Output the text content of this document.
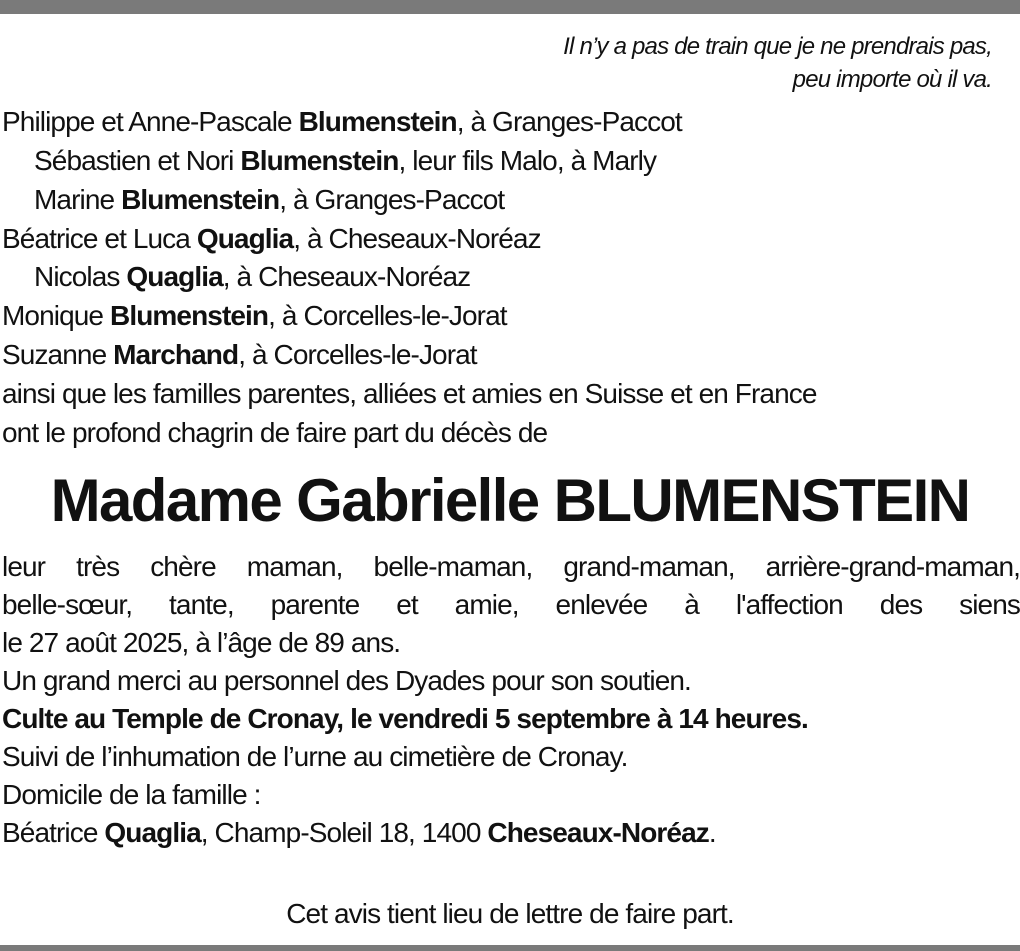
Il n’y a pas de train que je ne prendrais pas,
peu importe où il va.
Philippe et Anne-Pascale Blumenstein, à Granges-Paccot
Sébastien et Nori Blumenstein, leur fils Malo, à Marly
Marine Blumenstein, à Granges-Paccot
Béatrice et Luca Quaglia, à Cheseaux-Noréaz
Nicolas Quaglia, à Cheseaux-Noréaz
Monique Blumenstein, à Corcelles-le-Jorat
Suzanne Marchand, à Corcelles-le-Jorat
ainsi que les familles parentes, alliées et amies en Suisse et en France
ont le profond chagrin de faire part du décès de
Madame Gabrielle BLUMENSTEIN
leur très chère maman, belle-maman, grand-maman, arrière-grand-maman,
belle-sœur, tante, parente et amie, enlevée à l'affection des siens
le 27 août 2025, à l’âge de 89 ans.
Un grand merci au personnel des Dyades pour son soutien.
Culte au Temple de Cronay, le vendredi 5 septembre à 14 heures.
Suivi de l’inhumation de l’urne au cimetière de Cronay.
Domicile de la famille :
Béatrice Quaglia, Champ-Soleil 18, 1400 Cheseaux-Noréaz.
Cet avis tient lieu de lettre de faire part.
